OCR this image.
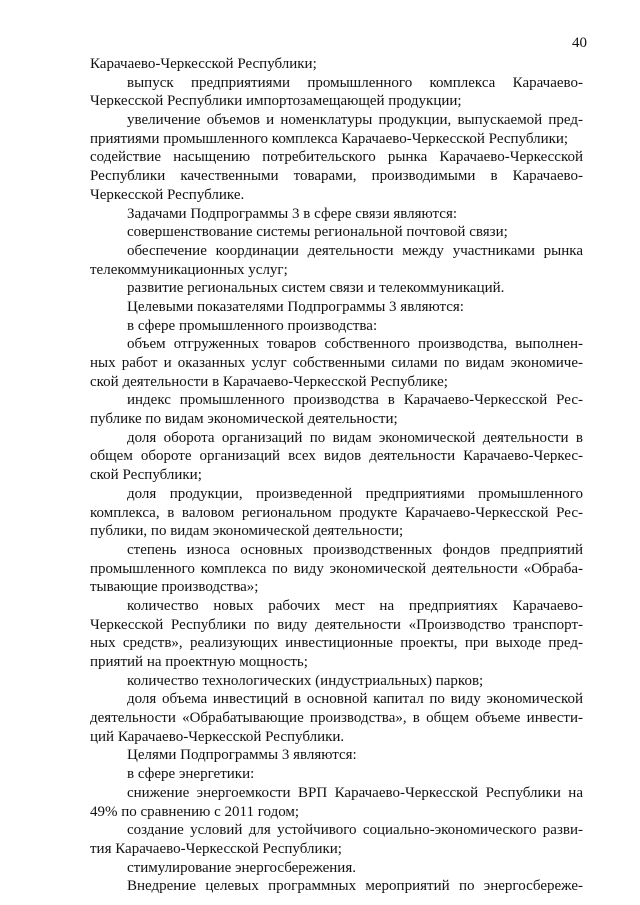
40
Карачаево-Черкесской Республики;
выпуск предприятиями промышленного комплекса Карачаево-
Черкесской Республики импортозамещающей продукции;
увеличение объемов и номенклатуры продукции, выпускаемой пред-
приятиями промышленного комплекса Карачаево-Черкесской Республики;
содействие насыщению потребительского рынка Карачаево-Черкесской
Республики качественными товарами, производимыми в Карачаево-
Черкесской Республике.
Задачами Подпрограммы 3 в сфере связи являются:
совершенствование системы региональной почтовой связи;
обеспечение координации деятельности между участниками рынка
телекоммуникационных услуг;
развитие региональных систем связи и телекоммуникаций.
Целевыми показателями Подпрограммы 3 являются:
в сфере промышленного производства:
объем отгруженных товаров собственного производства, выполнен-
ных работ и оказанных услуг собственными силами по видам экономиче-
ской деятельности в Карачаево-Черкесской Республике;
индекс промышленного производства в Карачаево-Черкесской Рес-
публике по видам экономической деятельности;
доля оборота организаций по видам экономической деятельности в
общем обороте организаций всех видов деятельности Карачаево-Черкес-
ской Республики;
доля продукции, произведенной предприятиями промышленного
комплекса, в валовом региональном продукте Карачаево-Черкесской Рес-
публики, по видам экономической деятельности;
степень износа основных производственных фондов предприятий
промышленного комплекса по виду экономической деятельности «Обраба-
тывающие производства»;
количество новых рабочих мест на предприятиях Карачаево-
Черкесской Республики по виду деятельности «Производство транспорт-
ных средств», реализующих инвестиционные проекты, при выходе пред-
приятий на проектную мощность;
количество технологических (индустриальных) парков;
доля объема инвестиций в основной капитал по виду экономической
деятельности «Обрабатывающие производства», в общем объеме инвести-
ций Карачаево-Черкесской Республики.
Целями Подпрограммы 3 являются:
в сфере энергетики:
снижение энергоемкости ВРП Карачаево-Черкесской Республики на
49% по сравнению с 2011 годом;
создание условий для устойчивого социально-экономического разви-
тия Карачаево-Черкесской Республики;
стимулирование энергосбережения.
Внедрение целевых программных мероприятий по энергосбереже-
